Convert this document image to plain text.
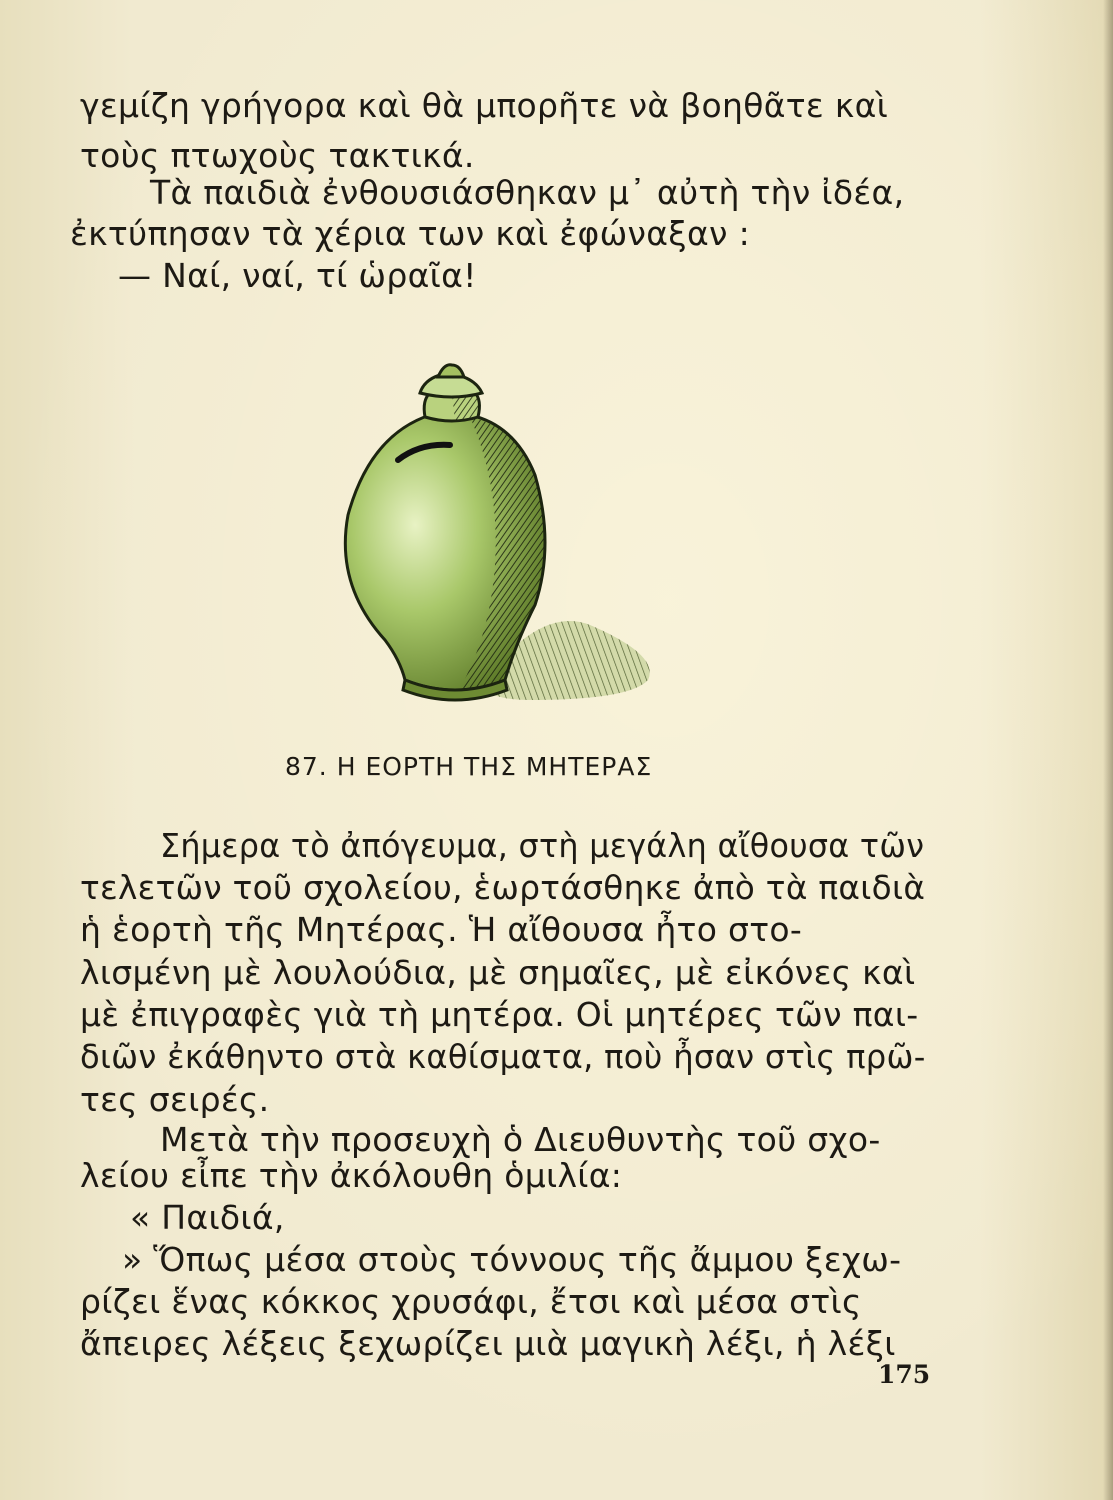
γεμίζη γρήγορα καὶ θὰ μπορῆτε νὰ βοηθᾶτε καὶ
τοὺς πτωχοὺς τακτικά.
Τὰ παιδιὰ ἐνθουσιάσθηκαν μ᾿ αὐτὴ τὴν ἰδέα,
ἐκτύπησαν τὰ χέρια των καὶ ἐφώναξαν :
— Ναί, ναί, τί ὡραῖα!
87. Η ΕΟΡΤΗ ΤΗΣ ΜΗΤΕΡΑΣ
Σήμερα τὸ ἀπόγευμα, στὴ μεγάλη αἴθουσα τῶν
τελετῶν τοῦ σχολείου, ἑωρτάσθηκε ἀπὸ τὰ παιδιὰ
ἡ ἑορτὴ τῆς Μητέρας. Ἡ αἴθουσα ἦτο στο-
λισμένη μὲ λουλούδια, μὲ σημαῖες, μὲ εἰκόνες καὶ
μὲ ἐπιγραφὲς γιὰ τὴ μητέρα. Οἱ μητέρες τῶν παι-
διῶν ἐκάθηντο στὰ καθίσματα, ποὺ ἦσαν στὶς πρῶ-
τες σειρές.
Μετὰ τὴν προσευχὴ ὁ Διευθυντὴς τοῦ σχο-
λείου εἶπε τὴν ἀκόλουθη ὁμιλία:
« Παιδιά,
» Ὅπως μέσα στοὺς τόννους τῆς ἄμμου ξεχω-
ρίζει ἕνας κόκκος χρυσάφι, ἔτσι καὶ μέσα στὶς
ἄπειρες λέξεις ξεχωρίζει μιὰ μαγικὴ λέξι, ἡ λέξι
175
